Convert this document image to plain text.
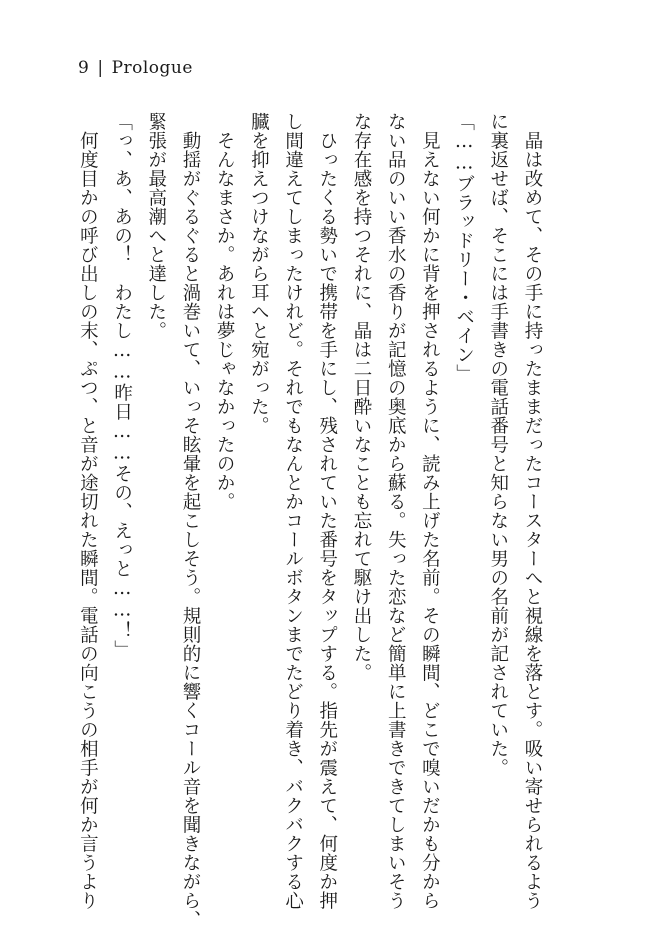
9 | Prologue
　晶は改めて、その手に持ったままだったコースターへと視線を落とす。吸い寄せられるよう
に裏返せば、そこには手書きの電話番号と知らない男の名前が記されていた。
「……ブラッドリー・ベイン」
　見えない何かに背を押されるように、読み上げた名前。その瞬間、どこで嗅いだかも分から
ない品のいい香水の香りが記憶の奥底から蘇る。失った恋など簡単に上書きできてしまいそう
な存在感を持つそれに、晶は二日酔いなことも忘れて駆け出した。
　ひったくる勢いで携帯を手にし、残されていた番号をタップする。指先が震えて、何度か押
し間違えてしまったけれど。それでもなんとかコールボタンまでたどり着き、バクバクする心
臓を抑えつけながら耳へと宛がった。
　そんなまさか。あれは夢じゃなかったのか。
　動揺がぐるぐると渦巻いて、いっそ眩暈を起こしそう。規則的に響くコール音を聞きながら、
緊張が最高潮へと達した。
「っ、あ、あの！　わたし……昨日……その、えっと……！」
　何度目かの呼び出しの末、ぷつ、と音が途切れた瞬間。電話の向こうの相手が何か言うより
